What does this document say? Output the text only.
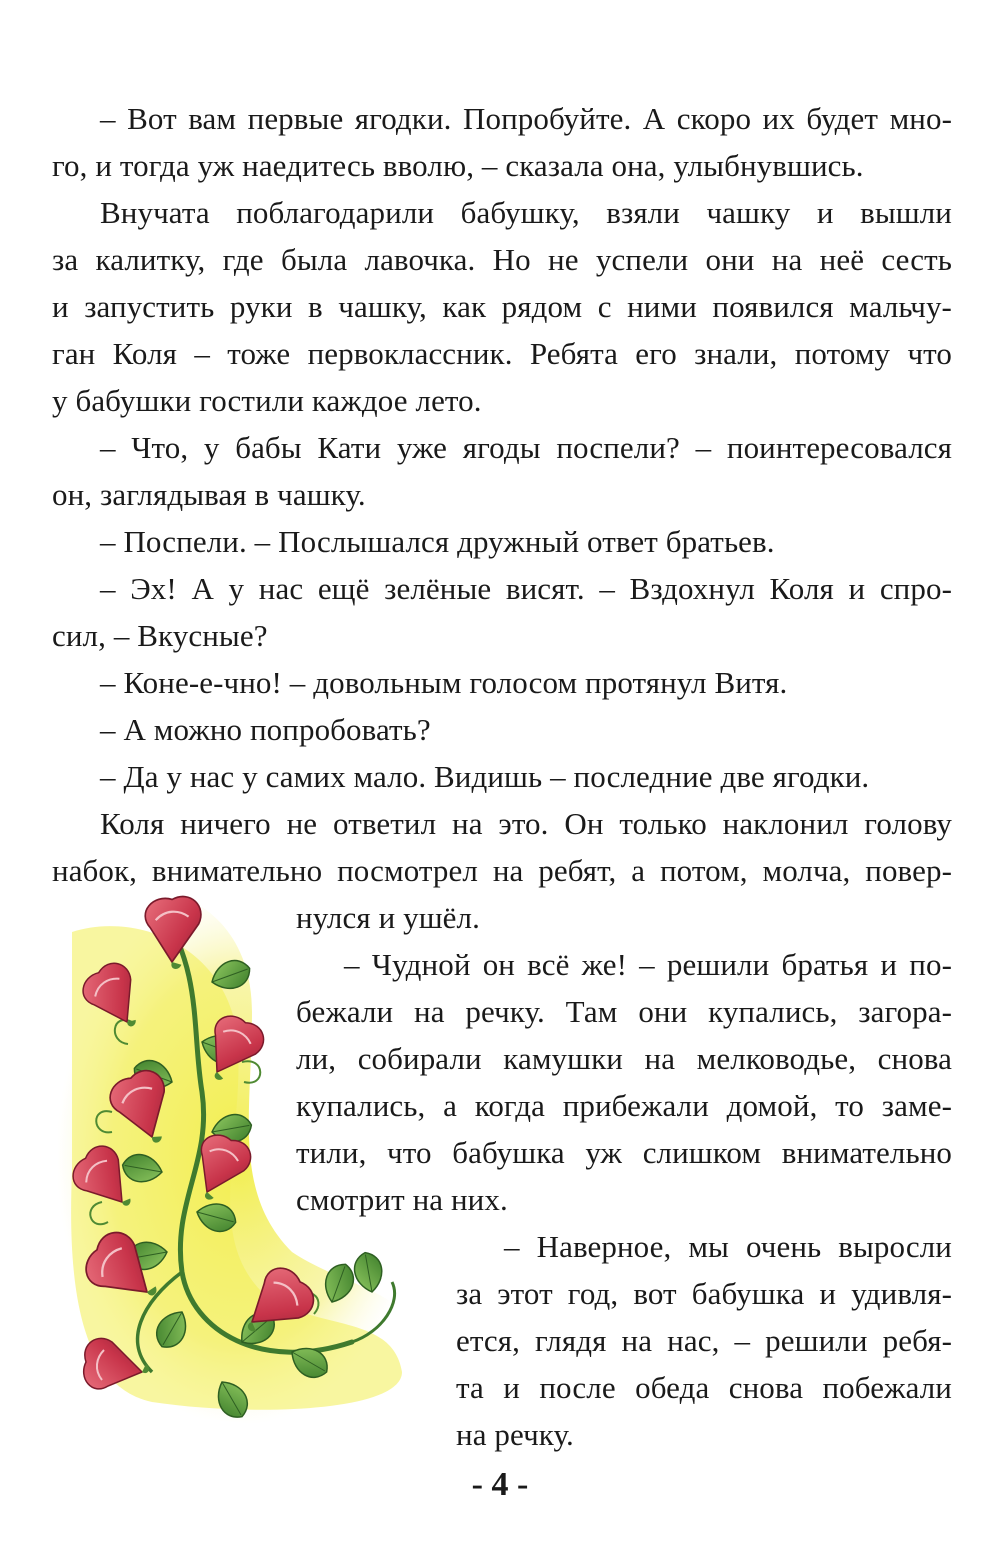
– Вот вам первые ягодки. Попробуйте. А скоро их будет мно-
го, и тогда уж наедитесь вволю, – сказала она, улыбнувшись.
Внучата поблагодарили бабушку, взяли чашку и вышли
за калитку, где была лавочка. Но не успели они на неё сесть
и запустить руки в чашку, как рядом с ними появился мальчу-
ган Коля – тоже первоклассник. Ребята его знали, потому что
у бабушки гостили каждое лето.
– Что, у бабы Кати уже ягоды поспели? – поинтересовался
он, заглядывая в чашку.
– Поспели. – Послышался дружный ответ братьев.
– Эх! А у нас ещё зелёные висят. – Вздохнул Коля и спро-
сил, – Вкусные?
– Коне-е-чно! – довольным голосом протянул Витя.
– А можно попробовать?
– Да у нас у самих мало. Видишь – последние две ягодки.
Коля ничего не ответил на это. Он только наклонил голову
набок, внимательно посмотрел на ребят, а потом, молча, повер-
нулся и ушёл.
– Чудной он всё же! – решили братья и по-
бежали на речку. Там они купались, загора-
ли, собирали камушки на мелководье, снова
купались, а когда прибежали домой, то заме-
тили, что бабушка уж слишком внимательно
смотрит на них.
– Наверное, мы очень выросли
за этот год, вот бабушка и удивля-
ется, глядя на нас, – решили ребя-
та и после обеда снова побежали
на речку.
- 4 -
